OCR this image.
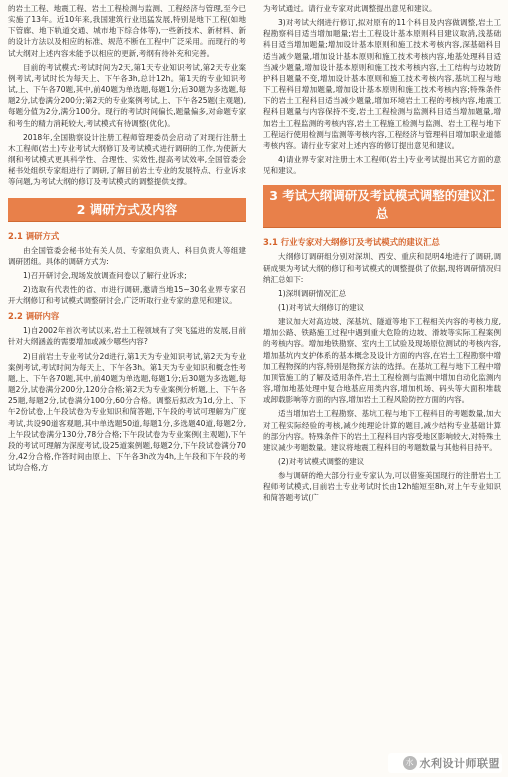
的岩土工程、地震工程、岩土工程检测与监测、工程经济与管理,至今已实施了13年。近10年来,我国建筑行业迅猛发展,特别是地下工程(如地下管廊、地下轨道交通、城市地下综合体等),一些新技术、新材料、新的设计方法以及相应的标准、规范不断在工程中广泛采用。而现行的考试大纲对上述内容未能予以相应的更新,考纲有待补充和完善。

目前的考试模式:考试时间为2天,第1天专业知识考试,第2天专业案例考试,考试时长为每天上、下午各3h,总计12h。第1天的专业知识考试,上、下午各70题,其中,前40题为单选题,每题1分;后30题为多选题,每题2分,试卷满分200分;第2天的专业案例考试,上、下午各25题(主观题),每题分值为2分,满分100分。现行的考试时间偏长,题量偏多,对命题专家和考生的精力消耗较大,考试模式有待调整(优化)。

2018年,全国勘察设计注册工程师管理委员会启动了对现行注册土木工程师(岩土)专业考试大纲修订及考试模式进行调研的工作,为使新大纲和考试模式更具科学性、合理性、实效性,提高考试效率,全国管委会秘书处组织专家组进行了调研,了解目前岩土专业的发展特点、行业诉求等问题,为考试大纲的修订及考试模式的调整提供支撑。

2 调研方式及内容
2.1 调研方式

由全国管委会秘书处有关人员、专家组负责人、科目负责人等组建调研团组。具体的调研方式为:

1)召开研讨会,现场发放调查问卷以了解行业诉求;

2)选取有代表性的省、市进行调研,邀请当地15~30名业界专家召开大纲修订和考试模式调整研讨会,广泛听取行业专家的意见和建议。

2.2 调研内容

1)自2002年首次考试以来,岩土工程领域有了突飞猛进的发展,目前针对大纲涵盖的需要增加或减少哪些内容?

2)目前岩土专业考试分2d进行,第1天为专业知识考试,第2天为专业案例考试,考试时间为每天上、下午各3h。第1天为专业知识和概念性考题,上、下午各70题,其中,前40题为单选题,每题1分;后30题为多选题,每题2分,试卷满分200分,120分合格;第2天为专业案例分析题,上、下午各25题,每题2分,试卷满分100分,60分合格。调整后拟改为1d,分上、下午2份试卷,上午段试卷为专业知识和简答题,下午段的考试可理解为广度考试,共设90道客观题,其中单选题50道,每题1分,多选题40道,每题2分,上午段试卷满分130分,78分合格;下午段试卷为专业案例(主观题),下午段的考试可理解为深度考试,设25道案例题,每题2分,下午段试卷满分70分,42分合格,作答时间由原上、下午各3h改为4h,上午段和下午段的考试均合格,方

为考试通过。请行业专家对此调整提出意见和建议。

3)对考试大纲进行修订,拟对原有的11个科目及内容做调整,岩土工程勘察科目适当增加题量;岩土工程设计基本原则科目建议取消,浅基础科目适当增加题量;增加设计基本原则和施工技术考核内容,深基础科目适当减少题量,增加设计基本原则和施工技术考核内容,地基处理科目适当减少题量,增加设计基本原则和施工技术考核内容,土工结构与边坡防护科目题量不变,增加设计基本原则和施工技术考核内容,基坑工程与地下工程科目增加题量,增加设计基本原则和施工技术考核内容;特殊条件下的岩土工程科目适当减少题量,增加环境岩土工程的考核内容,地震工程科目题量与内容保持不变,岩土工程检测与监测科目适当增加题量,增加岩土工程监测的考核内容,岩土工程施工检测与监测、岩土工程与地下工程运行使用检测与监测等考核内容,工程经济与管理科目增加职业道德考核内容。请行业专家对上述内容的修订提出意见和建议。

4)请业界专家对注册土木工程师(岩土)专业考试提出其它方面的意见和建议。

3 考试大纲调研及考试模式调整的建议汇总
3.1 行业专家对大纲修订及考试模式的建议汇总

大纲修订调研组分别对深圳、西安、重庆和昆明4地进行了调研,调研成果为考试大纲的修订和考试模式的调整提供了依据,现将调研情况归纳汇总如下:

1)深圳调研情况汇总

(1)对考试大纲修订的建议

建议加大对高边坡、深基坑、隧道等地下工程相关内容的考核力度,增加公路、铁路施工过程中遇到重大危险的边坡、滑坡等实际工程案例的考核内容。增加地铁勘察、室内土工试验及现场原位测试的考核内容,增加基坑内支护体系的基本概念及设计方面的内容,在岩土工程勘察中增加工程物探的内容,特别是物探方法的选择。在基坑工程与地下工程中增加顶管施工的了解及适用条件,岩土工程检测与监测中增加自动化监测内容,增加地基处理中复合地基应用类内容,增加机场、码头等大面积堆载或卸载影响等方面的内容,增加岩土工程风险防控方面的内容。

适当增加岩土工程勘察、基坑工程与地下工程科目的考题数量,加大对工程实际经验的考核,减少纯理论计算的题目,减少结构专业基础计算的部分内容。特殊条件下的岩土工程科目内容受地区影响较大,对特殊土建议减少考题数量。建议将地震工程科目的考题数量与其他科目持平。

(2)对考试模式调整的建议

参与调研的绝大部分行业专家认为,可以借鉴美国现行的注册岩土工程师考试模式,目前岩土专业考试时长由12h缩短至8h,对上午专业知识和简答题考试(广

水 水利设计师联盟
